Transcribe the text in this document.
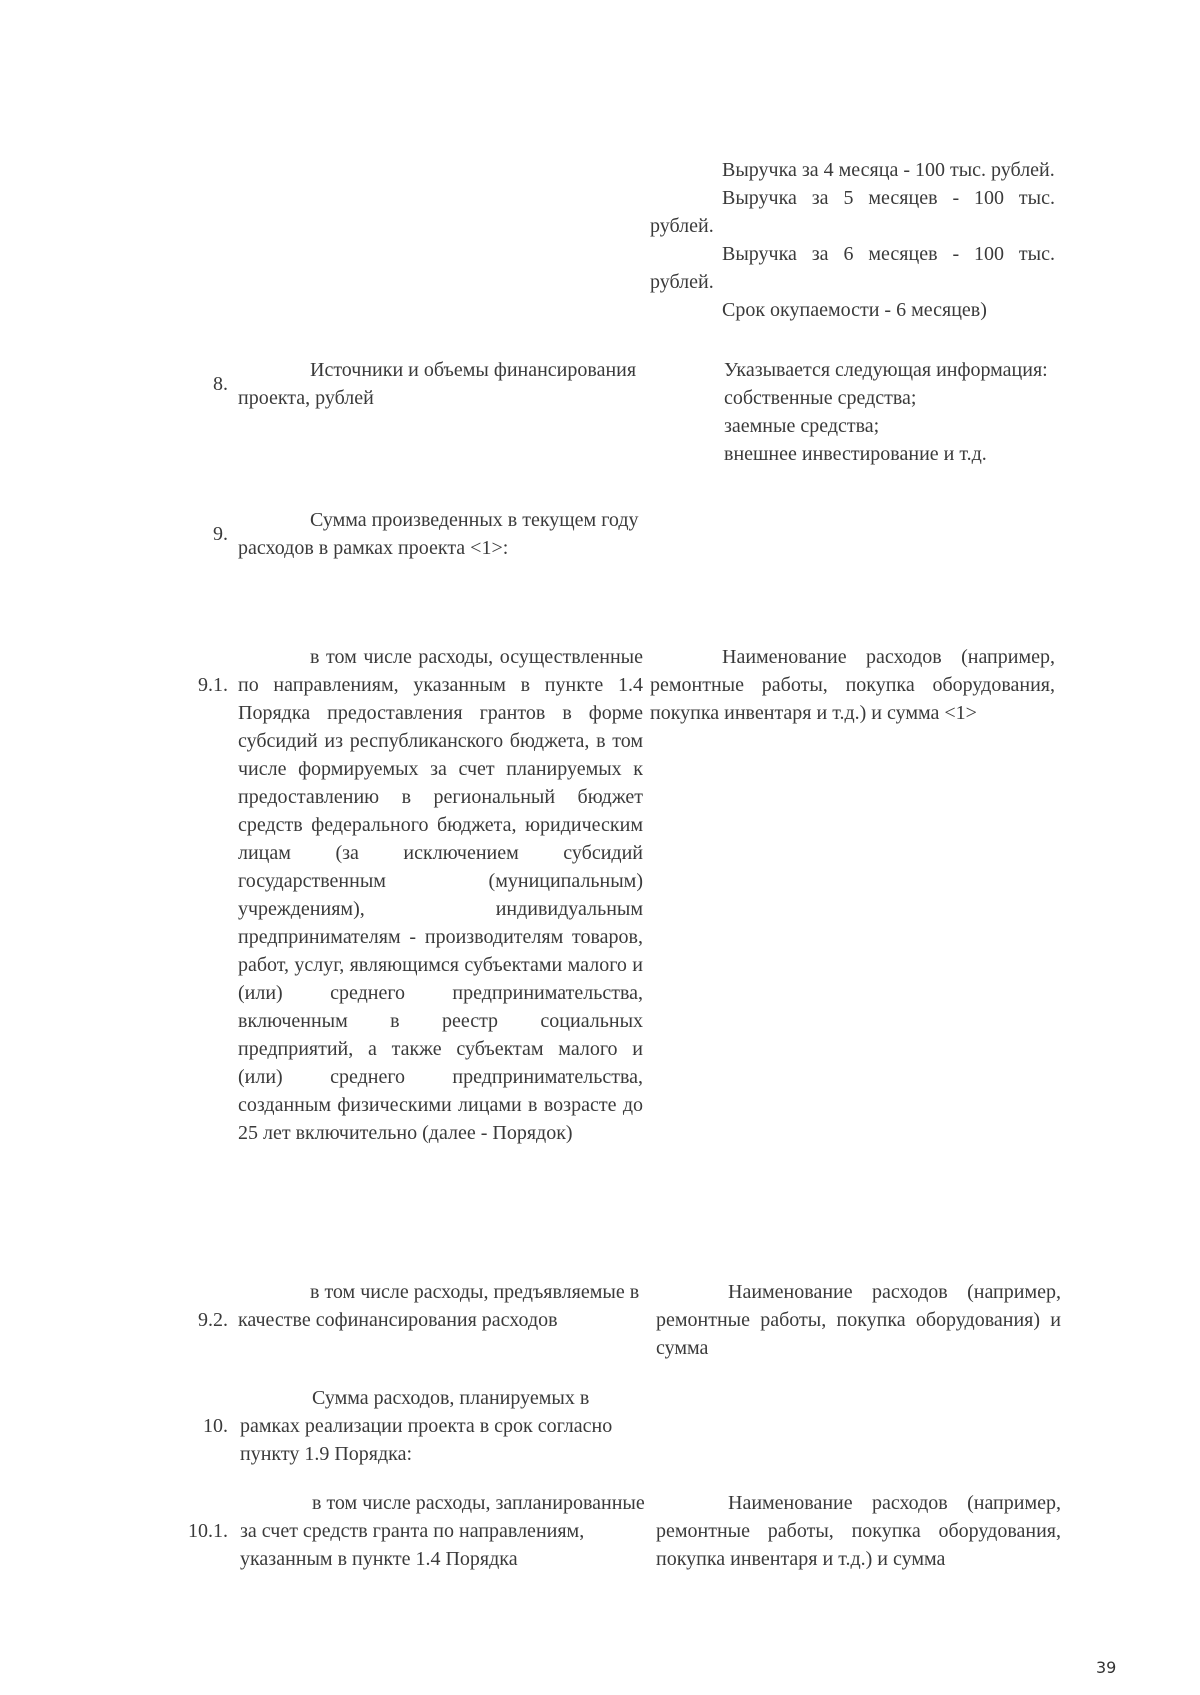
Выручка за 4 месяца - 100 тыс. рублей.

Выручка за 5 месяцев - 100 тыс. рублей.

Выручка за 6 месяцев - 100 тыс. рублей.

Срок окупаемости - 6 месяцев)

8.

Источники и объемы финансирования проекта, рублей

Указывается следующая информация:

собственные средства;

заемные средства;

внешнее инвестирование и т.д.

9.

Сумма произведенных в текущем году расходов в рамках проекта <1>:

9.1.

в том числе расходы, осуществленные по направлениям, указанным в пункте 1.4 Порядка предоставления грантов в форме субсидий из республиканского бюджета, в том числе формируемых за счет планируемых к предоставлению в региональный бюджет средств федерального бюджета, юридическим лицам (за исключением субсидий государственным (муниципальным) учреждениям), индивидуальным предпринимателям - производителям товаров, работ, услуг, являющимся субъектами малого и (или) среднего предпринимательства, включенным в реестр социальных предприятий, а также субъектам малого и (или) среднего предпринимательства, созданным физическими лицами в возрасте до 25 лет включительно (далее - Порядок)

Наименование расходов (например, ремонтные работы, покупка оборудования, покупка инвентаря и т.д.) и сумма <1>

9.2.

в том числе расходы, предъявляемые в качестве софинансирования расходов

Наименование расходов (например, ремонтные работы, покупка оборудования) и сумма

10.

Сумма расходов, планируемых в рамках реализации проекта в срок согласно пункту 1.9 Порядка:

10.1.

в том числе расходы, запланированные за счет средств гранта по направлениям, указанным в пункте 1.4 Порядка

Наименование расходов (например, ремонтные работы, покупка оборудования, покупка инвентаря и т.д.) и сумма

39
